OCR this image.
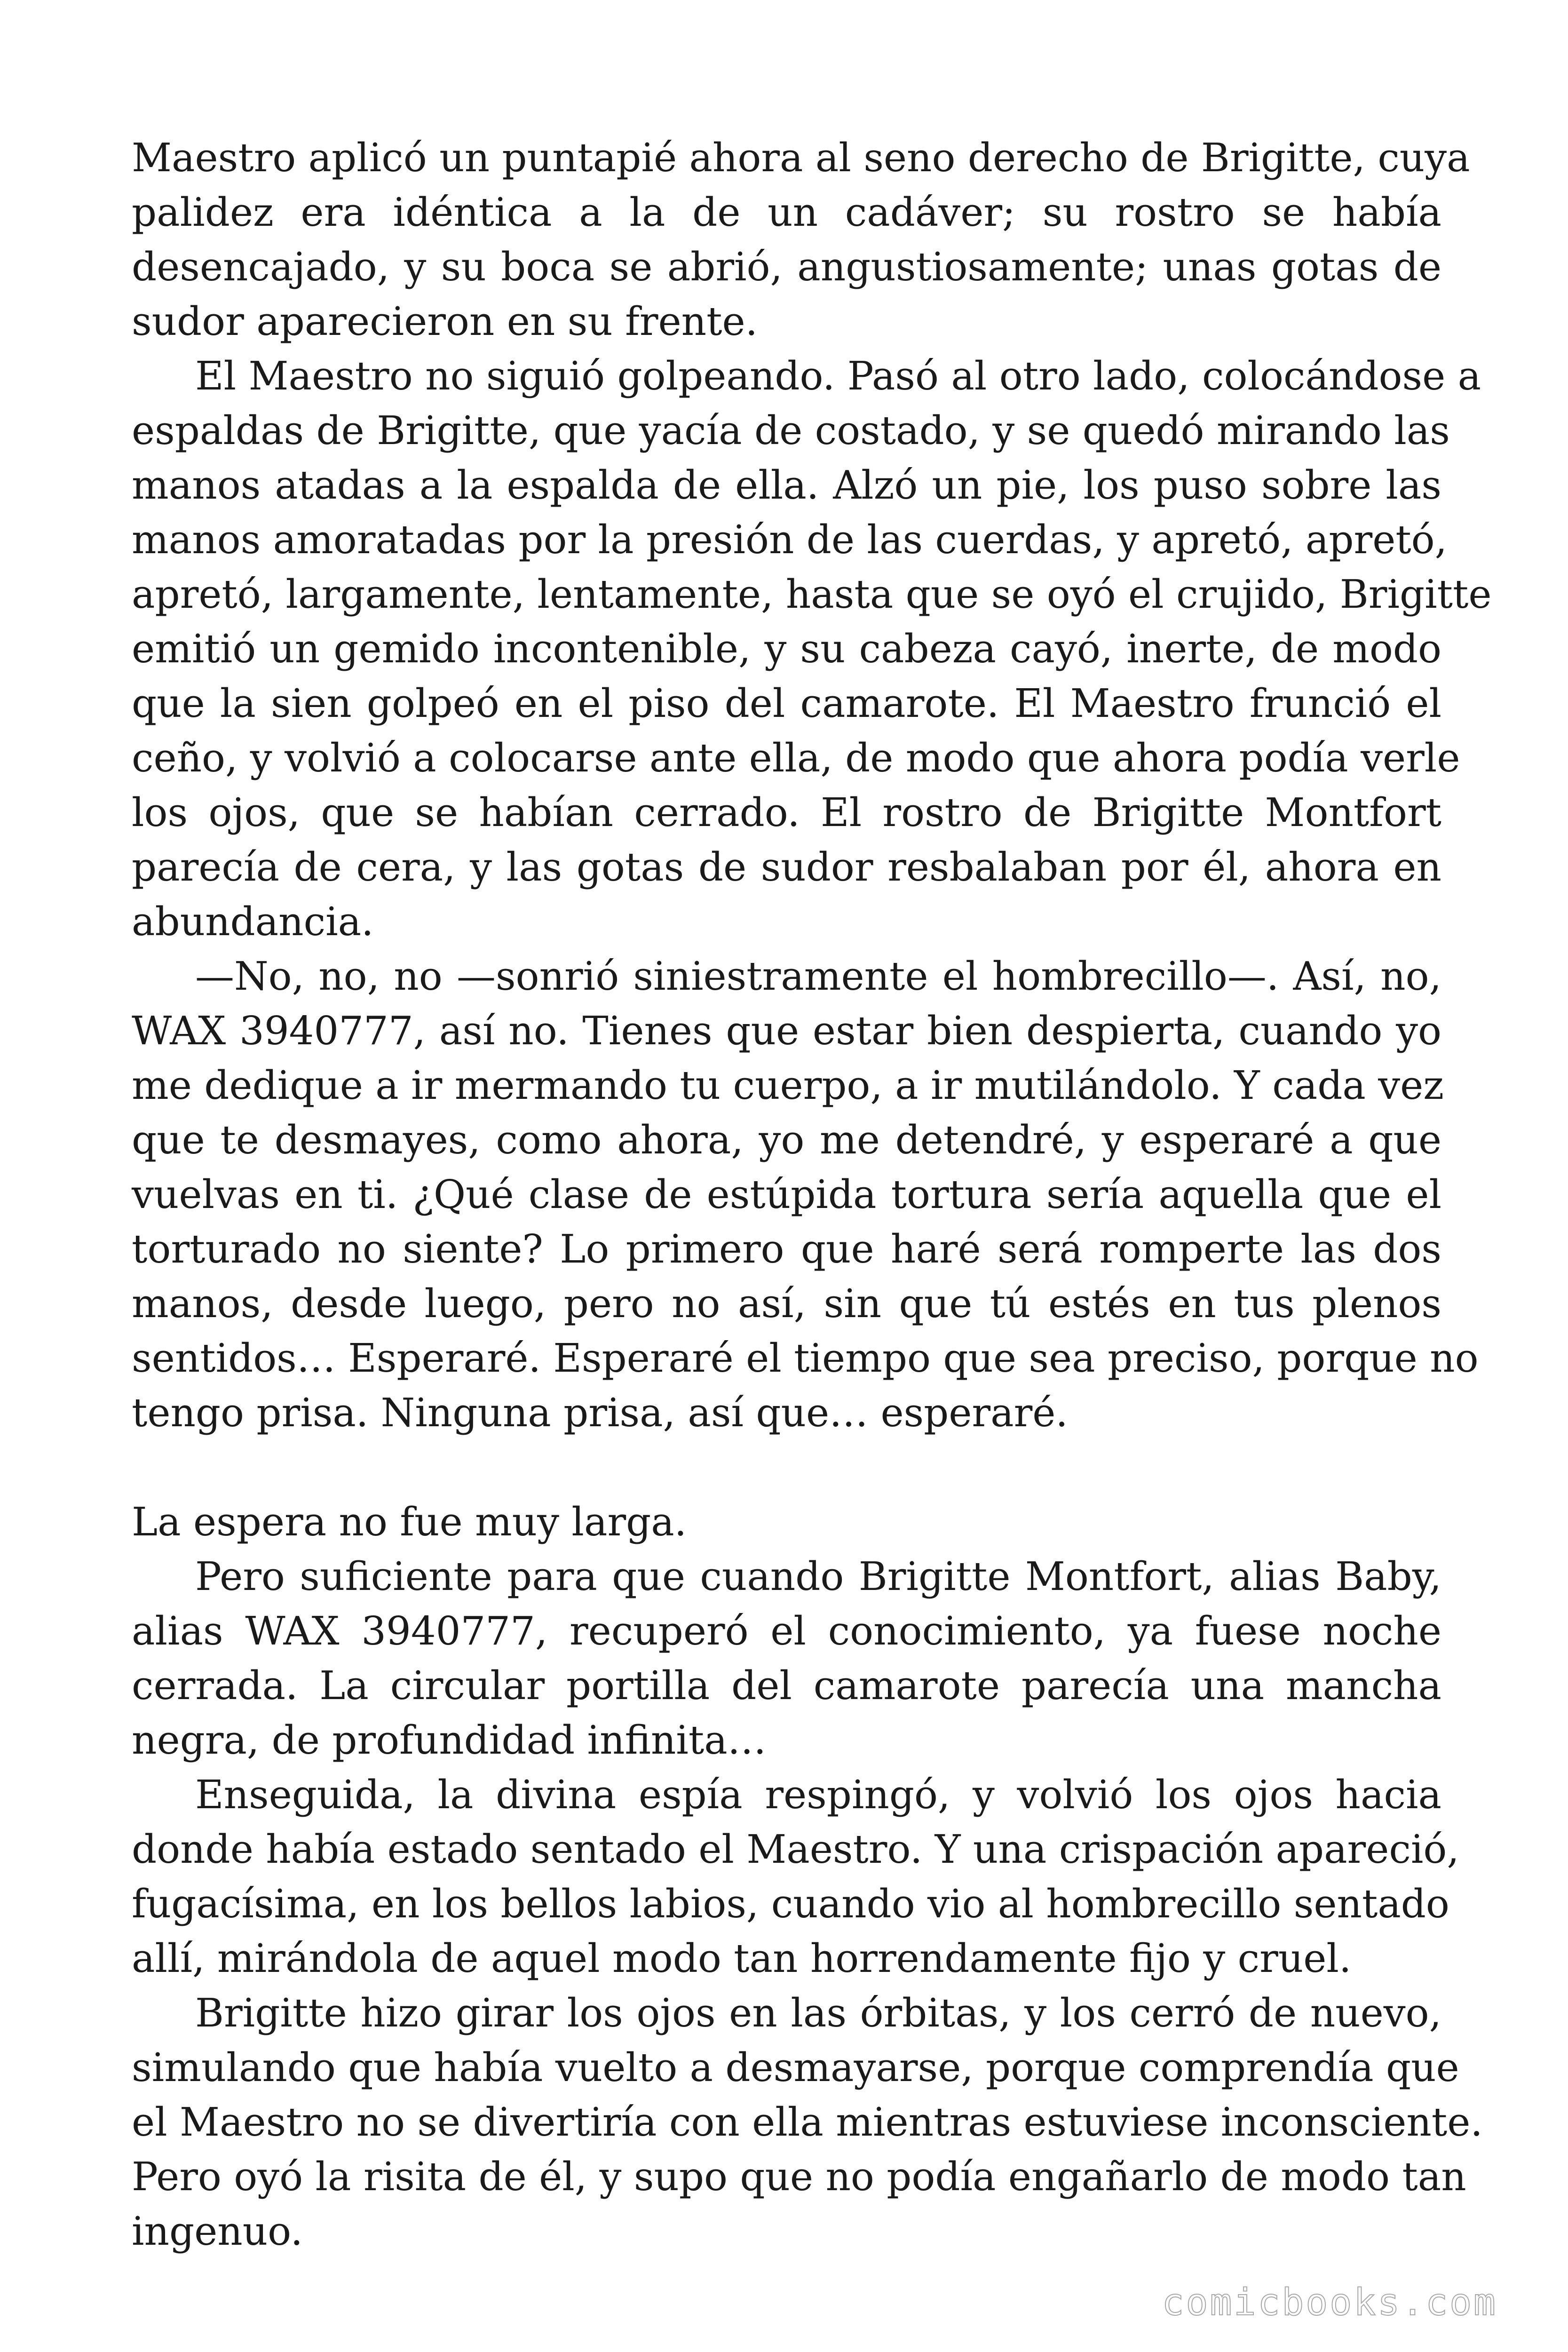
Maestro aplicó un puntapié ahora al seno derecho de Brigitte, cuya
palidez era idéntica a la de un cadáver; su rostro se había
desencajado, y su boca se abrió, angustiosamente; unas gotas de
sudor aparecieron en su frente.
El Maestro no siguió golpeando. Pasó al otro lado, colocándose a
espaldas de Brigitte, que yacía de costado, y se quedó mirando las
manos atadas a la espalda de ella. Alzó un pie, los puso sobre las
manos amoratadas por la presión de las cuerdas, y apretó, apretó,
apretó, largamente, lentamente, hasta que se oyó el crujido, Brigitte
emitió un gemido incontenible, y su cabeza cayó, inerte, de modo
que la sien golpeó en el piso del camarote. El Maestro frunció el
ceño, y volvió a colocarse ante ella, de modo que ahora podía verle
los ojos, que se habían cerrado. El rostro de Brigitte Montfort
parecía de cera, y las gotas de sudor resbalaban por él, ahora en
abundancia.
—No, no, no —sonrió siniestramente el hombrecillo—. Así, no,
WAX 3940777, así no. Tienes que estar bien despierta, cuando yo
me dedique a ir mermando tu cuerpo, a ir mutilándolo. Y cada vez
que te desmayes, como ahora, yo me detendré, y esperaré a que
vuelvas en ti. ¿Qué clase de estúpida tortura sería aquella que el
torturado no siente? Lo primero que haré será romperte las dos
manos, desde luego, pero no así, sin que tú estés en tus plenos
sentidos… Esperaré. Esperaré el tiempo que sea preciso, porque no
tengo prisa. Ninguna prisa, así que… esperaré.
La espera no fue muy larga.
Pero suficiente para que cuando Brigitte Montfort, alias Baby,
alias WAX 3940777, recuperó el conocimiento, ya fuese noche
cerrada. La circular portilla del camarote parecía una mancha
negra, de profundidad infinita…
Enseguida, la divina espía respingó, y volvió los ojos hacia
donde había estado sentado el Maestro. Y una crispación apareció,
fugacísima, en los bellos labios, cuando vio al hombrecillo sentado
allí, mirándola de aquel modo tan horrendamente fijo y cruel.
Brigitte hizo girar los ojos en las órbitas, y los cerró de nuevo,
simulando que había vuelto a desmayarse, porque comprendía que
el Maestro no se divertiría con ella mientras estuviese inconsciente.
Pero oyó la risita de él, y supo que no podía engañarlo de modo tan
ingenuo.
comicbooks.com
